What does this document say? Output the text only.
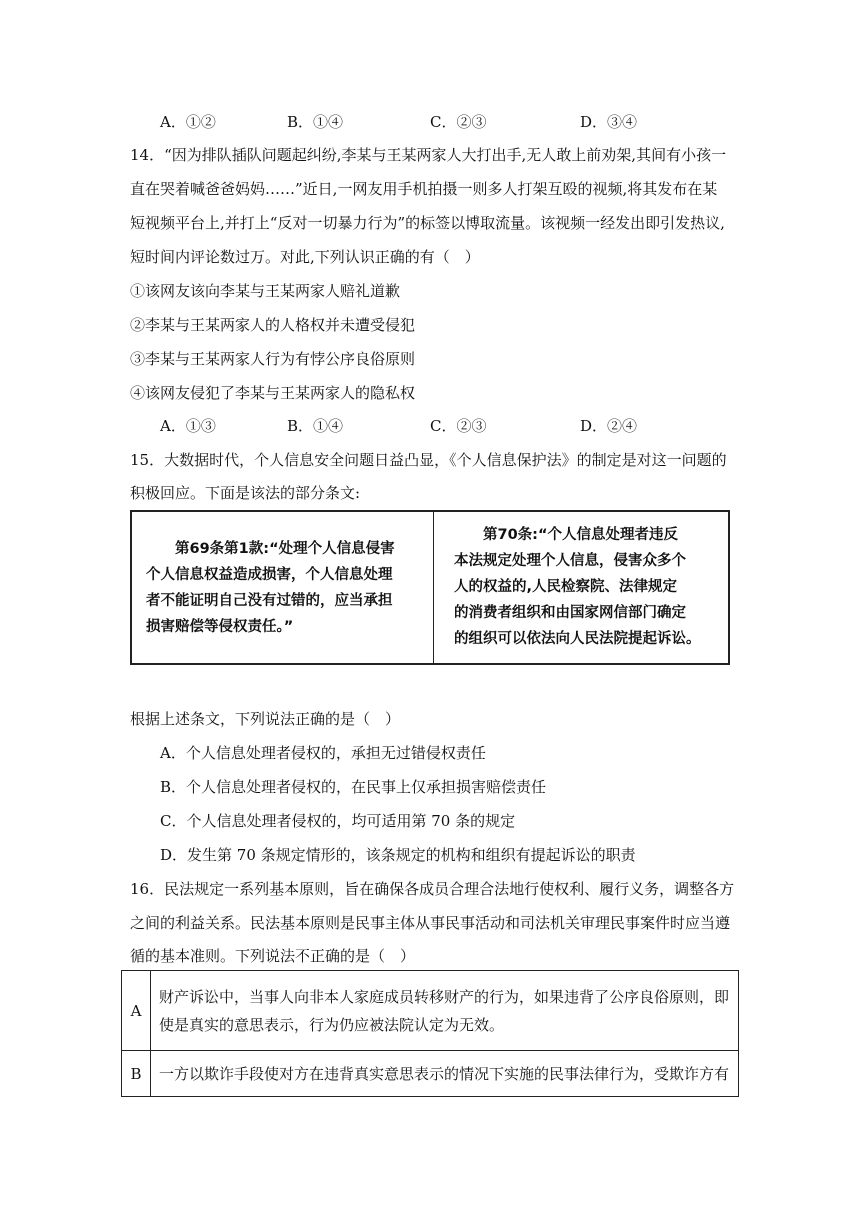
A．①②	B．①④	C．②③	D．③④
14．“因为排队插队问题起纠纷,李某与王某两家人大打出手,无人敢上前劝架,其间有小孩一
直在哭着喊爸爸妈妈……”近日,一网友用手机拍摄一则多人打架互殴的视频,将其发布在某
短视频平台上,并打上“反对一切暴力行为”的标签以博取流量。该视频一经发出即引发热议,
短时间内评论数过万。对此,下列认识正确的有（　）
①该网友该向李某与王某两家人赔礼道歉
②李某与王某两家人的人格权并未遭受侵犯
③李某与王某两家人行为有悖公序良俗原则
④该网友侵犯了李某与王某两家人的隐私权
A．①③	B．①④	C．②③	D．②④
15．大数据时代，个人信息安全问题日益凸显，《个人信息保护法》的制定是对这一问题的
积极回应。下面是该法的部分条文:
　　第69条第1款:“处理个人信息侵害
个人信息权益造成损害，个人信息处理
者不能证明自己没有过错的，应当承担
损害赔偿等侵权责任。”
　　第70条:“个人信息处理者违反
本法规定处理个人信息，侵害众多个
人的权益的,人民检察院、法律规定
的消费者组织和由国家网信部门确定
的组织可以依法向人民法院提起诉讼。
根据上述条文，下列说法正确的是（　）
A．个人信息处理者侵权的，承担无过错侵权责任
B．个人信息处理者侵权的，在民事上仅承担损害赔偿责任
C．个人信息处理者侵权的，均可适用第 70 条的规定
D．发生第 70 条规定情形的，该条规定的机构和组织有提起诉讼的职责
16．民法规定一系列基本原则，旨在确保各成员合理合法地行使权利、履行义务，调整各方
之间的利益关系。民法基本原则是民事主体从事民事活动和司法机关审理民事案件时应当遵
循的基本准则。下列说法不正确的是（　）
A	财产诉讼中，当事人向非本人家庭成员转移财产的行为，如果违背了公序良俗原则，即
使是真实的意思表示，行为仍应被法院认定为无效。

B	一方以欺诈手段使对方在违背真实意思表示的情况下实施的民事法律行为，受欺诈方有
